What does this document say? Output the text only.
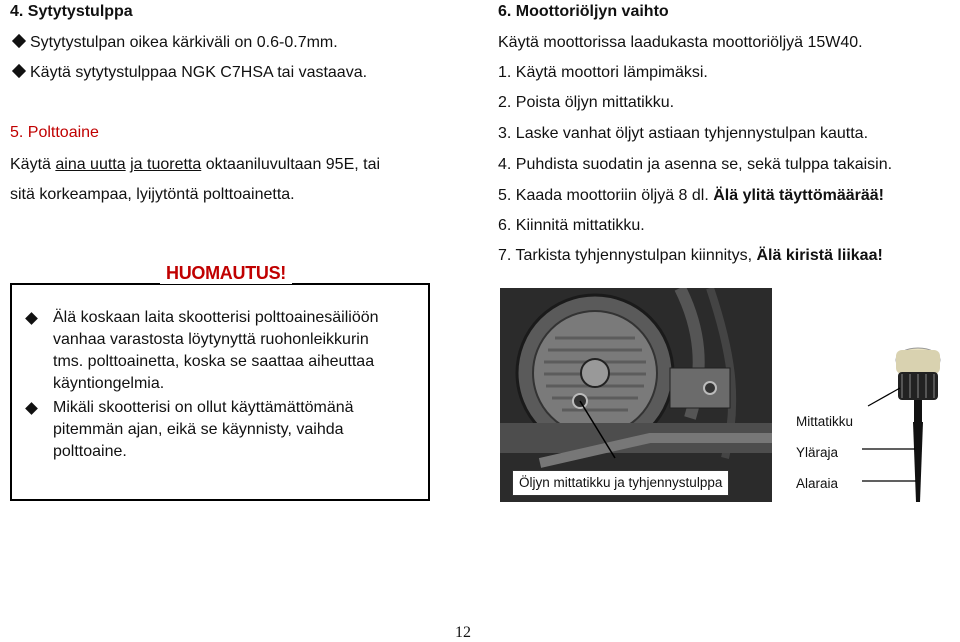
4. Sytytystulppa
Sytytystulpan oikea kärkiväli on 0.6-0.7mm.
Käytä sytytystulppaa NGK C7HSA tai vastaava.
5. Polttoaine
Käytä aina uutta ja tuoretta oktaaniluvultaan 95E, tai
sitä korkeampaa, lyijytöntä polttoainetta.
HUOMAUTUS!
Älä koskaan laita skootterisi polttoainesäiliöön
vanhaa varastosta löytynyttä ruohonleikkurin
tms. polttoainetta, koska se saattaa aiheuttaa
käyntiongelmia.
Mikäli skootterisi on ollut käyttämättömänä
pitemmän ajan, eikä se käynnisty, vaihda
polttoaine.
6. Moottoriöljyn vaihto
Käytä moottorissa laadukasta moottoriöljyä 15W40.
1. Käytä moottori lämpimäksi.
2. Poista öljyn mittatikku.
3. Laske vanhat öljyt astiaan tyhjennystulpan kautta.
4. Puhdista suodatin ja asenna se, sekä tulppa takaisin.
5. Kaada moottoriin öljyä 8 dl. Älä ylitä täyttömäärää!
6. Kiinnitä mittatikku.
7. Tarkista tyhjennystulpan kiinnitys, Älä kiristä liikaa!
Öljyn mittatikku ja tyhjennystulppa
Mittatikku
Yläraja
Alaraia
12
